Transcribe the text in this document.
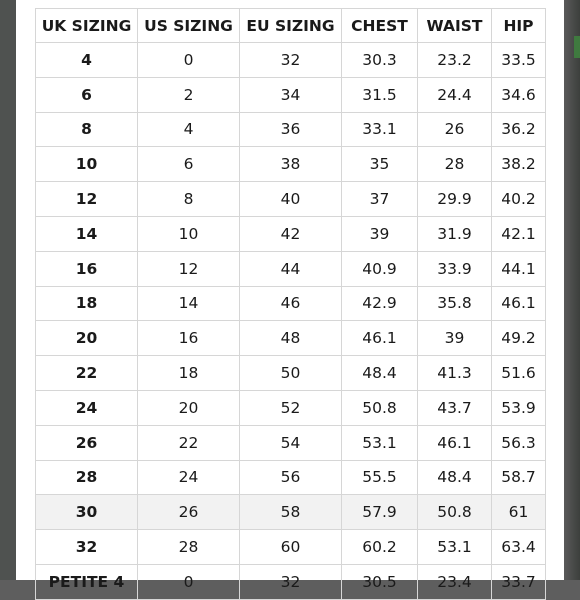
UK SIZING	US SIZING	EU SIZING	CHEST	WAIST	HIP
4	0	32	30.3	23.2	33.5
6	2	34	31.5	24.4	34.6
8	4	36	33.1	26	36.2
10	6	38	35	28	38.2
12	8	40	37	29.9	40.2
14	10	42	39	31.9	42.1
16	12	44	40.9	33.9	44.1
18	14	46	42.9	35.8	46.1
20	16	48	46.1	39	49.2
22	18	50	48.4	41.3	51.6
24	20	52	50.8	43.7	53.9
26	22	54	53.1	46.1	56.3
28	24	56	55.5	48.4	58.7
30	26	58	57.9	50.8	61
32	28	60	60.2	53.1	63.4
PETITE 4	0	32	30.5	23.4	33.7
